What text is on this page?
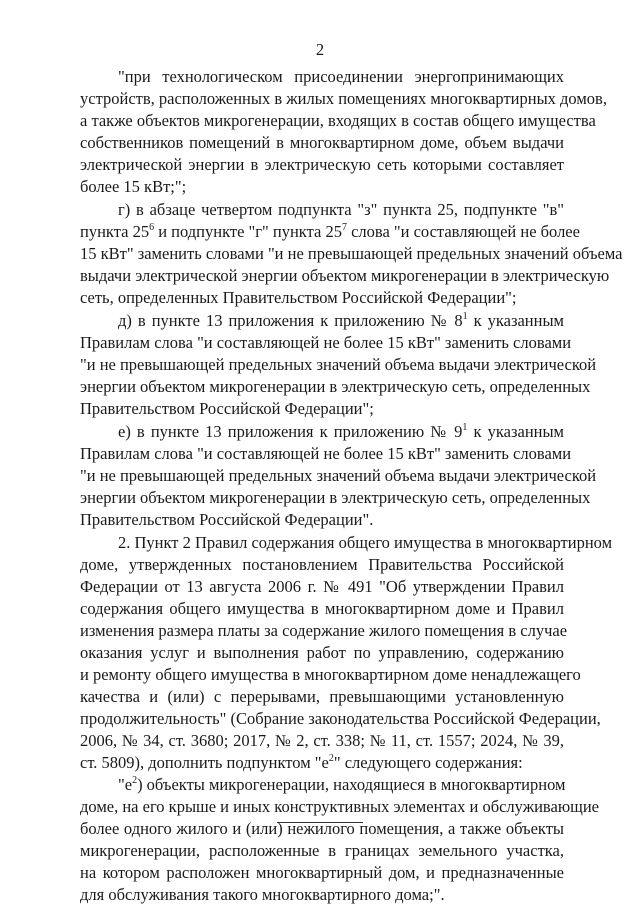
2
"при технологическом присоединении энергопринимающих
устройств, расположенных в жилых помещениях многоквартирных домов,
а также объектов микрогенерации, входящих в состав общего имущества
собственников помещений в многоквартирном доме, объем выдачи
электрической энергии в электрическую сеть которыми составляет
более 15 кВт;";
г) в абзаце четвертом подпункта "з" пункта 25, подпункте "в"
пункта $25^6$ и подпункте "г" пункта $25^7$ слова "и составляющей не более
15 кВт" заменить словами "и не превышающей предельных значений объема
выдачи электрической энергии объектом микрогенерации в электрическую
сеть, определенных Правительством Российской Федерации";
д) в пункте 13 приложения к приложению № $8^1$ к указанным
Правилам слова "и составляющей не более 15 кВт" заменить словами
"и не превышающей предельных значений объема выдачи электрической
энергии объектом микрогенерации в электрическую сеть, определенных
Правительством Российской Федерации";
е) в пункте 13 приложения к приложению № $9^1$ к указанным
Правилам слова "и составляющей не более 15 кВт" заменить словами
"и не превышающей предельных значений объема выдачи электрической
энергии объектом микрогенерации в электрическую сеть, определенных
Правительством Российской Федерации".
2. Пункт 2 Правил содержания общего имущества в многоквартирном
доме, утвержденных постановлением Правительства Российской
Федерации от 13 августа 2006 г. № 491 "Об утверждении Правил
содержания общего имущества в многоквартирном доме и Правил
изменения размера платы за содержание жилого помещения в случае
оказания услуг и выполнения работ по управлению, содержанию
и ремонту общего имущества в многоквартирном доме ненадлежащего
качества и (или) с перерывами, превышающими установленную
продолжительность" (Собрание законодательства Российской Федерации,
2006, № 34, ст. 3680; 2017, № 2, ст. 338; № 11, ст. 1557; 2024, № 39,
ст. 5809), дополнить подпунктом "$е^2$" следующего содержания:
"$е^2$) объекты микрогенерации, находящиеся в многоквартирном
доме, на его крыше и иных конструктивных элементах и обслуживающие
более одного жилого и (или) нежилого помещения, а также объекты
микрогенерации, расположенные в границах земельного участка,
на котором расположен многоквартирный дом, и предназначенные
для обслуживания такого многоквартирного дома;".
